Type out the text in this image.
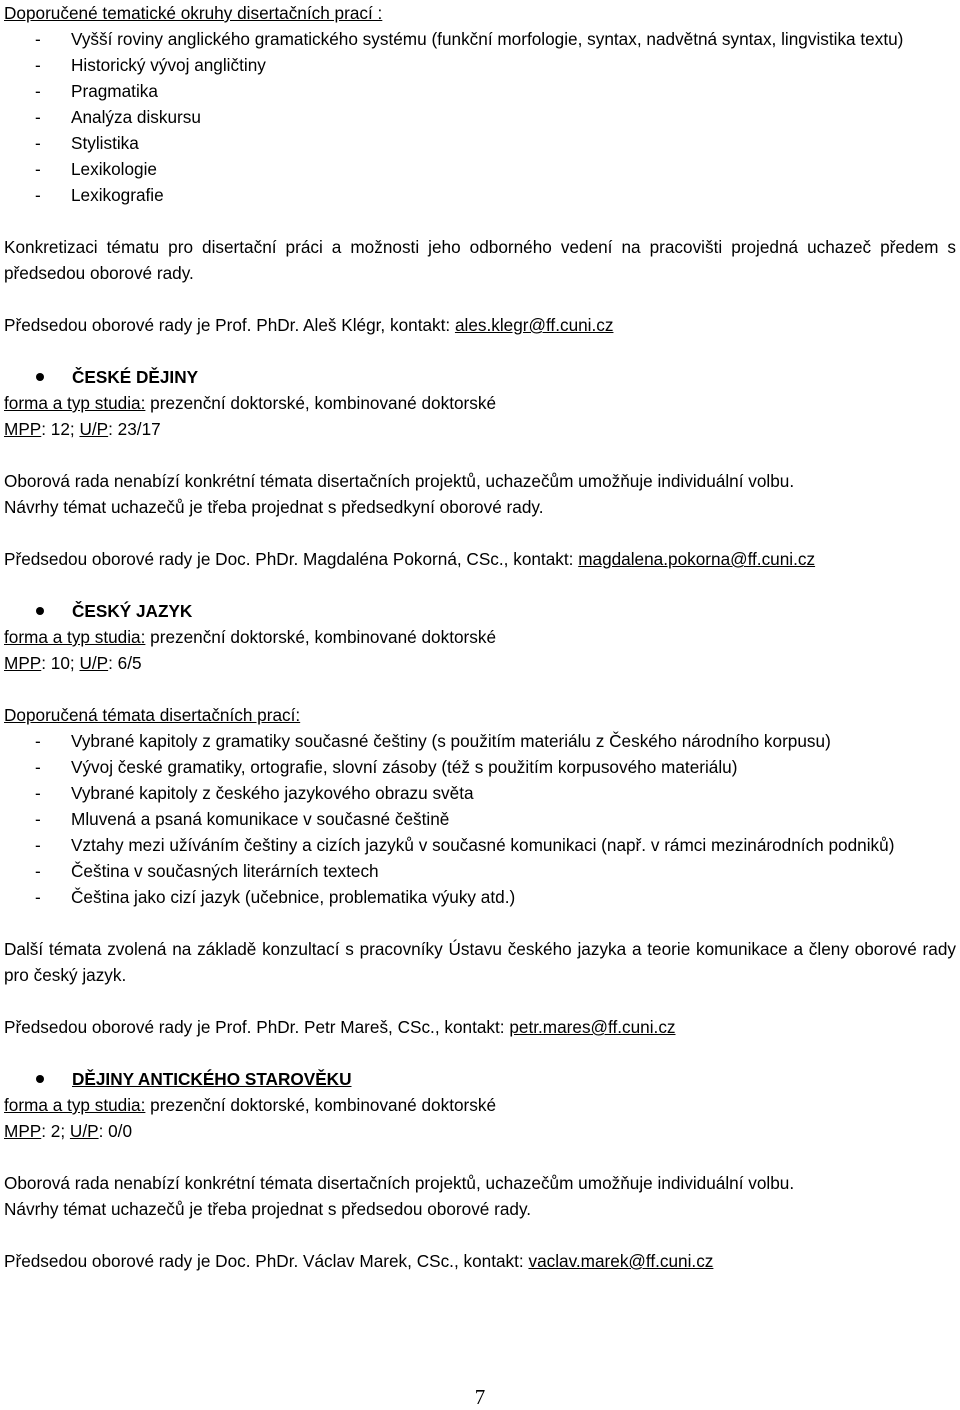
Doporučené tematické okruhy disertačních prací :
- Vyšší roviny anglického gramatického systému (funkční morfologie, syntax, nadvětná syntax, lingvistika textu)
- Historický vývoj angličtiny
- Pragmatika
- Analýza diskursu
- Stylistika
- Lexikologie
- Lexikografie
Konkretizaci tématu pro disertační práci a možnosti jeho odborného vedení na pracovišti projedná uchazeč předem s předsedou oborové rady.
Předsedou oborové rady je Prof. PhDr. Aleš Klégr, kontakt: ales.klegr@ff.cuni.cz
ČESKÉ DĚJINY
forma a typ studia: prezenční doktorské, kombinované doktorské
MPP: 12; U/P: 23/17
Oborová rada nenabízí konkrétní témata disertačních projektů, uchazečům umožňuje individuální volbu.
Návrhy témat uchazečů je třeba projednat s předsedkyní oborové rady.
Předsedou oborové rady je Doc. PhDr. Magdaléna Pokorná, CSc., kontakt: magdalena.pokorna@ff.cuni.cz
ČESKÝ JAZYK
forma a typ studia: prezenční doktorské, kombinované doktorské
MPP: 10; U/P: 6/5
Doporučená témata disertačních prací:
- Vybrané kapitoly z gramatiky současné češtiny (s použitím materiálu z Českého národního korpusu)
- Vývoj české gramatiky, ortografie, slovní zásoby (též s použitím korpusového materiálu)
- Vybrané kapitoly z českého jazykového obrazu světa
- Mluvená a psaná komunikace v současné češtině
- Vztahy mezi užíváním češtiny a cizích jazyků v současné komunikaci (např. v rámci mezinárodních podniků)
- Čeština v současných literárních textech
- Čeština jako cizí jazyk (učebnice, problematika výuky atd.)
Další témata zvolená na základě konzultací s pracovníky Ústavu českého jazyka a teorie komunikace a členy oborové rady pro český jazyk.
Předsedou oborové rady je Prof. PhDr. Petr Mareš, CSc., kontakt: petr.mares@ff.cuni.cz
DĚJINY ANTICKÉHO STAROVĚKU
forma a typ studia: prezenční doktorské, kombinované doktorské
MPP: 2; U/P: 0/0
Oborová rada nenabízí konkrétní témata disertačních projektů, uchazečům umožňuje individuální volbu.
Návrhy témat uchazečů je třeba projednat s předsedou oborové rady.
Předsedou oborové rady je Doc. PhDr. Václav Marek, CSc., kontakt: vaclav.marek@ff.cuni.cz
7
